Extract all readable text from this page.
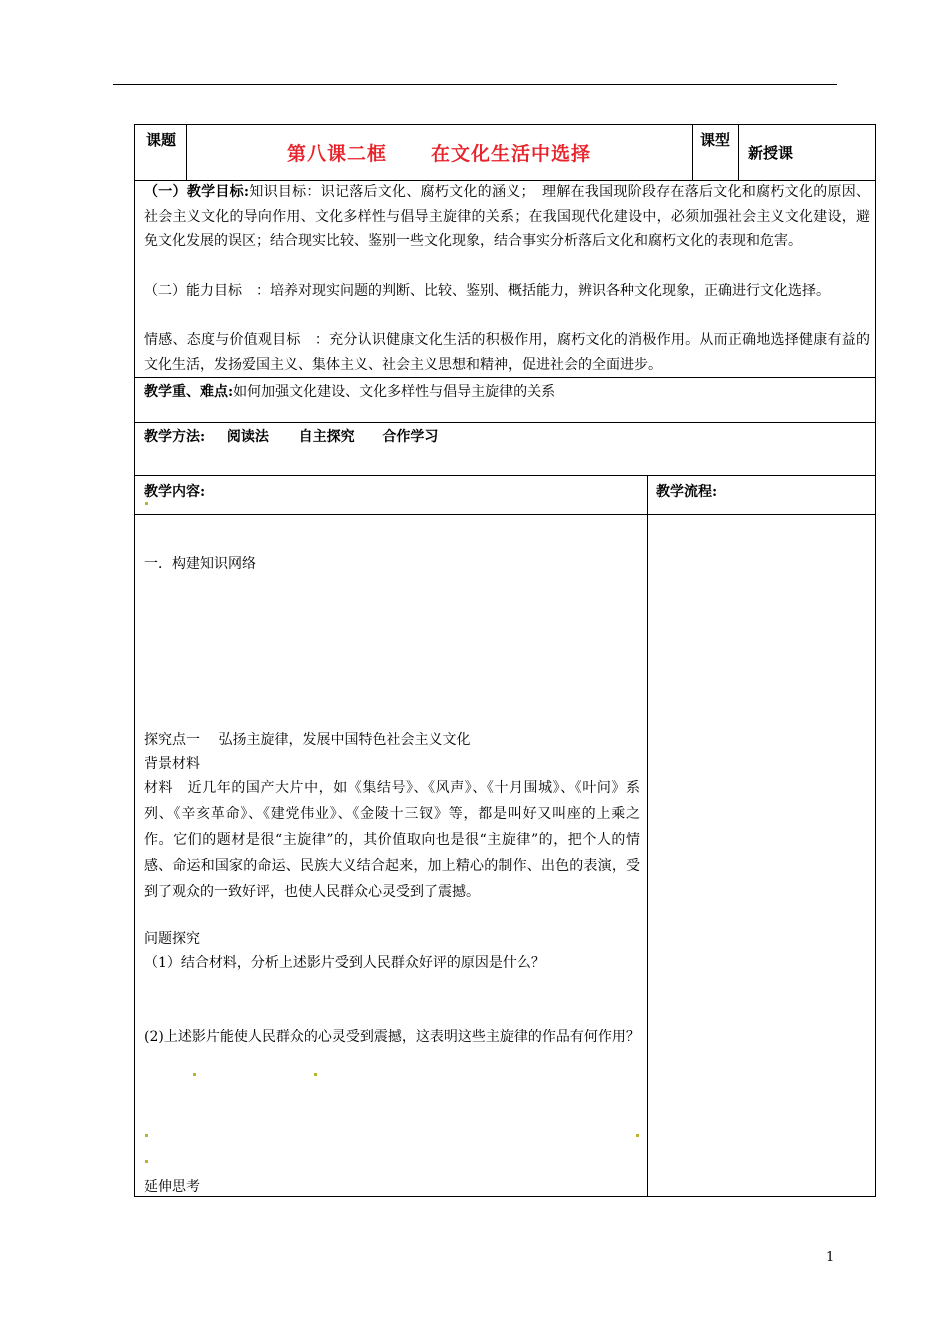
课题
第八课二框 在文化生活中选择
课型
新授课
（一）教学目标:知识目标：识记落后文化、腐朽文化的涵义；　理解在我国现阶段存在落后文化和腐朽文化的原因、社会主义文化的导向作用、文化多样性与倡导主旋律的关系；在我国现代化建设中，必须加强社会主义文化建设，避免文化发展的误区；结合现实比较、鉴别一些文化现象，结合事实分析落后文化和腐朽文化的表现和危害。
（二）能力目标　：培养对现实问题的判断、比较、鉴别、概括能力，辨识各种文化现象，正确进行文化选择。
情感、态度与价值观目标　：充分认识健康文化生活的积极作用，腐朽文化的消极作用。从而正确地选择健康有益的文化生活，发扬爱国主义、集体主义、社会主义思想和精神，促进社会的全面进步。
教学重、难点:如何加强文化建设、文化多样性与倡导主旋律的关系
教学方法: 阅读法 自主探究 合作学习
教学内容:	教学流程:
一．构建知识网络
探究点一　 弘扬主旋律，发展中国特色社会主义文化
背景材料
材料　近几年的国产大片中，如《集结号》、《风声》、《十月围城》、《叶问》系列、《辛亥革命》、《建党伟业》、《金陵十三钗》等，都是叫好又叫座的上乘之作。它们的题材是很“主旋律”的，其价值取向也是很“主旋律”的，把个人的情感、命运和国家的命运、民族大义结合起来，加上精心的制作、出色的表演，受到了观众的一致好评，也使人民群众心灵受到了震撼。
问题探究
（1）结合材料，分析上述影片受到人民群众好评的原因是什么？
(2)上述影片能使人民群众的心灵受到震撼，这表明这些主旋律的作品有何作用？
延伸思考
1
